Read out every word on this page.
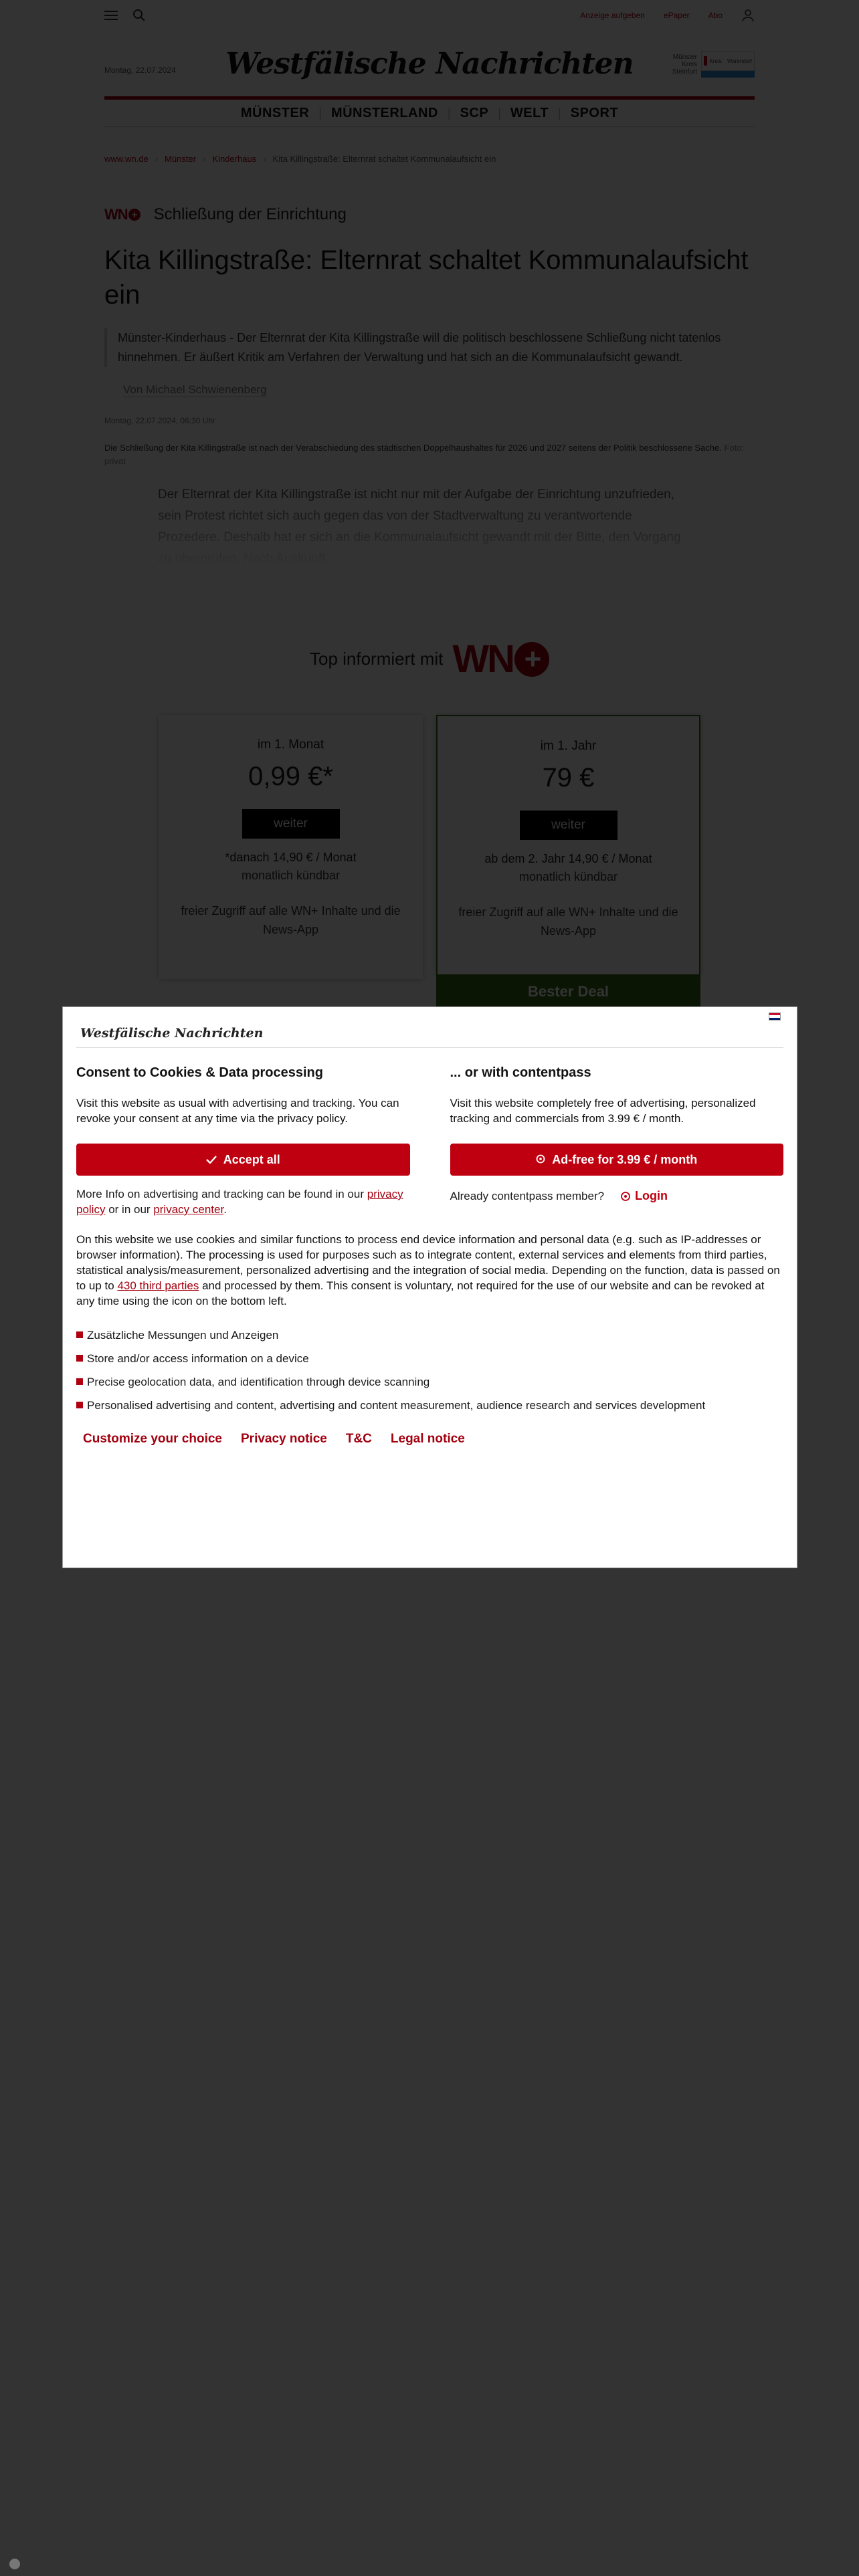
Westfälische Nachrichten
Consent to Cookies & Data processing

Visit this website as usual with advertising and tracking. You can revoke your consent at any time via the privacy policy.

Accept all
More Info on advertising and tracking can be found in our privacy policy or in our privacy center.
... or with contentpass

Visit this website completely free of advertising, personalized tracking and commercials from 3.99 € / month.

Ad-free for 3.99 € / month
Already contentpass member?	Login
On this website we use cookies and similar functions to process end device information and personal data (e.g. such as IP-addresses or browser information). The processing is used for purposes such as to integrate content, external services and elements from third parties, statistical analysis/measurement, personalized advertising and the integration of social media. Depending on the function, data is passed on to up to 430 third parties and processed by them. This consent is voluntary, not required for the use of our website and can be revoked at any time using the icon on the bottom left.
Zusätzliche Messungen und Anzeigen
Store and/or access information on a device
Precise geolocation data, and identification through device scanning
Personalised advertising and content, advertising and content measurement, audience research and services development
Customize your choice Privacy notice T&C Legal notice
